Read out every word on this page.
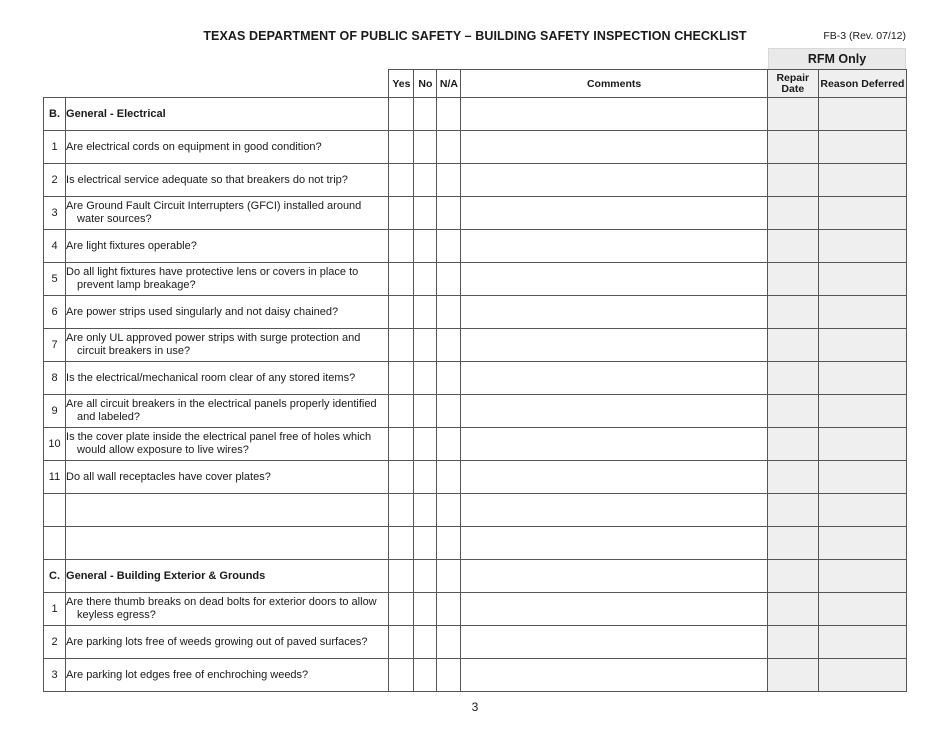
TEXAS DEPARTMENT OF PUBLIC SAFETY – BUILDING SAFETY INSPECTION CHECKLIST	FB-3 (Rev. 07/12)
RFM Only
		Yes	No	N/A	Comments	Repair Date	Reason Deferred
B.	General - Electrical						

1	Are electrical cords on equipment in good condition?						

2	Is electrical service adequate so that breakers do not trip?						

3	Are Ground Fault Circuit Interrupters (GFCI) installed around water sources?						

4	Are light fixtures operable?						

5	Do all light fixtures have protective lens or covers in place to prevent lamp breakage?						

6	Are power strips used singularly and not daisy chained?						

7	Are only UL approved power strips with surge protection and circuit breakers in use?						

8	Is the electrical/mechanical room clear of any stored items?						

9	Are all circuit breakers in the electrical panels properly identified and labeled?						

10	Is the cover plate inside the electrical panel free of holes which would allow exposure to live wires?						

11	Do all wall receptacles have cover plates?						

C.	General - Building Exterior & Grounds						

1	Are there thumb breaks on dead bolts for exterior doors to allow keyless egress?						

2	Are parking lots free of weeds growing out of paved surfaces?						

3	Are parking lot edges free of enchroching weeds?						

3
